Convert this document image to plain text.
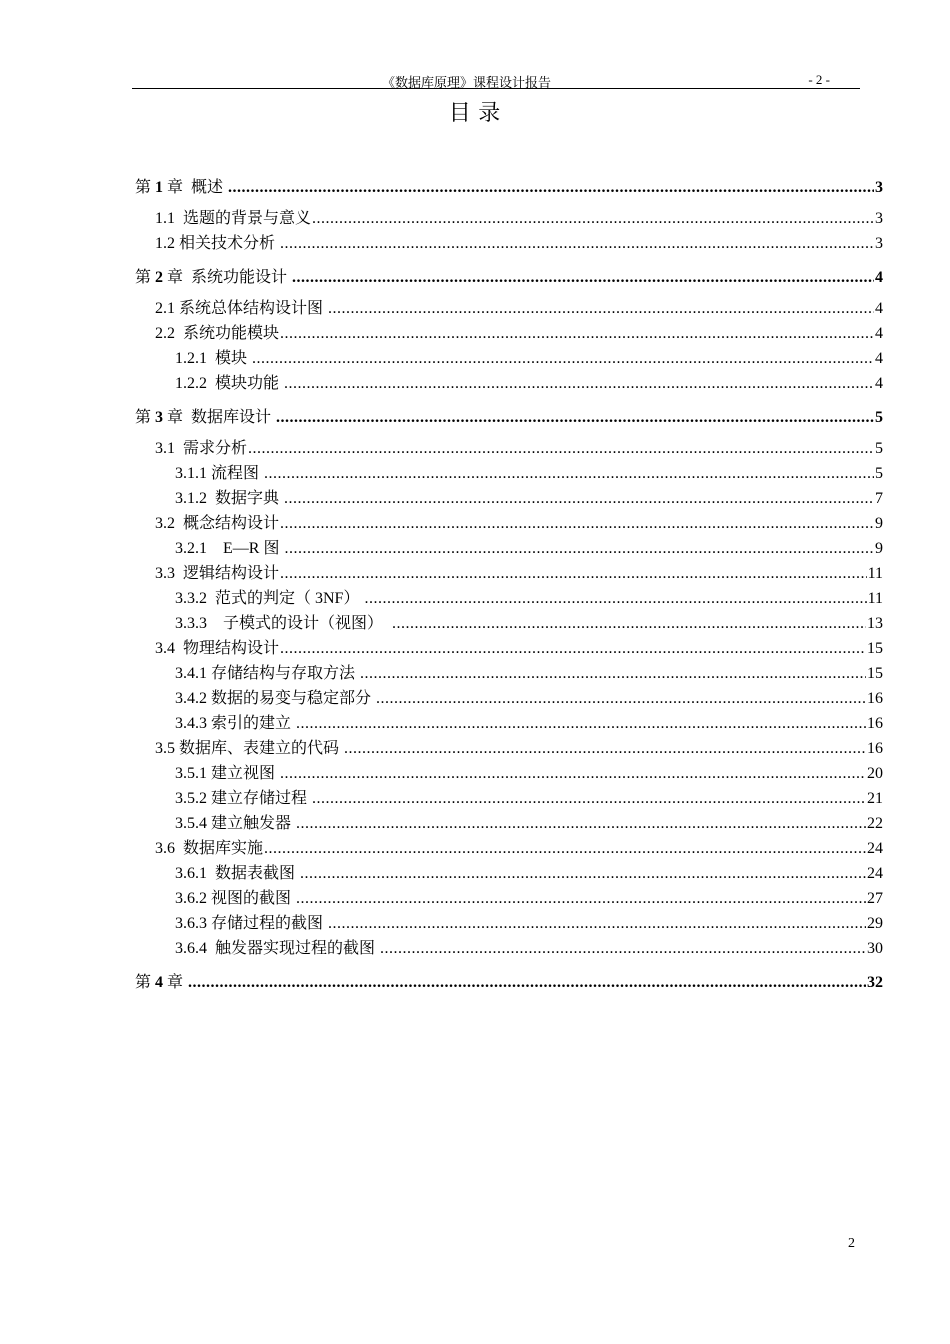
《数据库原理》课程设计报告	- 2 -
目 录
第 1 章  概述 .....	3
1.1  选题的背景与意义 .....	3
1.2 相关技术分析 .....	3
第 2 章  系统功能设计 .....	4
2.1 系统总体结构设计图 .....	4
2.2  系统功能模块 .....	4
1.2.1  模块 .....	4
1.2.2  模块功能 .....	4
第 3 章  数据库设计 .....	5
3.1  需求分析 .....	5
3.1.1 流程图 .....	5
3.1.2  数据字典 .....	7
3.2  概念结构设计 .....	9
3.2.1    E—R 图 .....	9
3.3  逻辑结构设计 .....	11
3.3.2  范式的判定（ 3NF） .....	11
3.3.3    子模式的设计（视图） .....	13
3.4  物理结构设计 .....	15
3.4.1 存储结构与存取方法 .....	15
3.4.2 数据的易变与稳定部分 .....	16
3.4.3 索引的建立 .....	16
3.5 数据库、表建立的代码 .....	16
3.5.1 建立视图 .....	20
3.5.2 建立存储过程 .....	21
3.5.4 建立触发器 .....	22
3.6  数据库实施 .....	24
3.6.1  数据表截图 .....	24
3.6.2 视图的截图 .....	27
3.6.3 存储过程的截图 .....	29
3.6.4  触发器实现过程的截图 .....	30
第 4 章 .....	32
2
